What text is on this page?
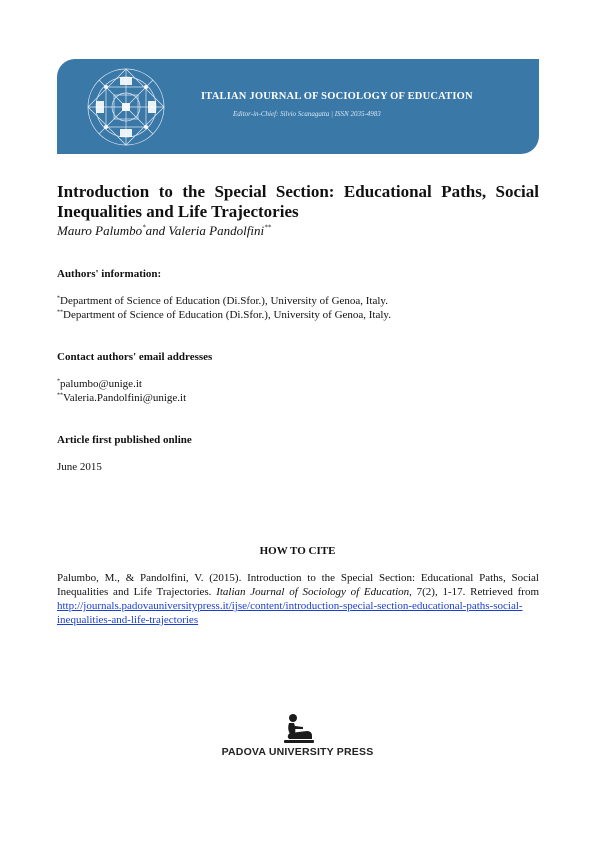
ITALIAN JOURNAL OF SOCIOLOGY OF EDUCATION
Editor-in-Chief: Silvio Scanagatta | ISSN 2035-4983
Introduction to the Special Section: Educational Paths, Social Inequalities and Life Trajectories
Mauro Palumbo*and Valeria Pandolfini**
Authors' information:
*Department of Science of Education (Di.Sfor.), University of Genoa, Italy.
**Department of Science of Education (Di.Sfor.), University of Genoa, Italy.
Contact authors' email addresses
*palumbo@unige.it
**Valeria.Pandolfini@unige.it
Article first published online
June 2015
HOW TO CITE
Palumbo, M., & Pandolfini, V. (2015). Introduction to the Special Section: Educational Paths, Social Inequalities and Life Trajectories. Italian Journal of Sociology of Education, 7(2), 1-17. Retrieved from http://journals.padovauniversitypress.it/ijse/content/introduction-special-section-educational-paths-social-inequalities-and-life-trajectories
PADOVA UNIVERSITY PRESS
